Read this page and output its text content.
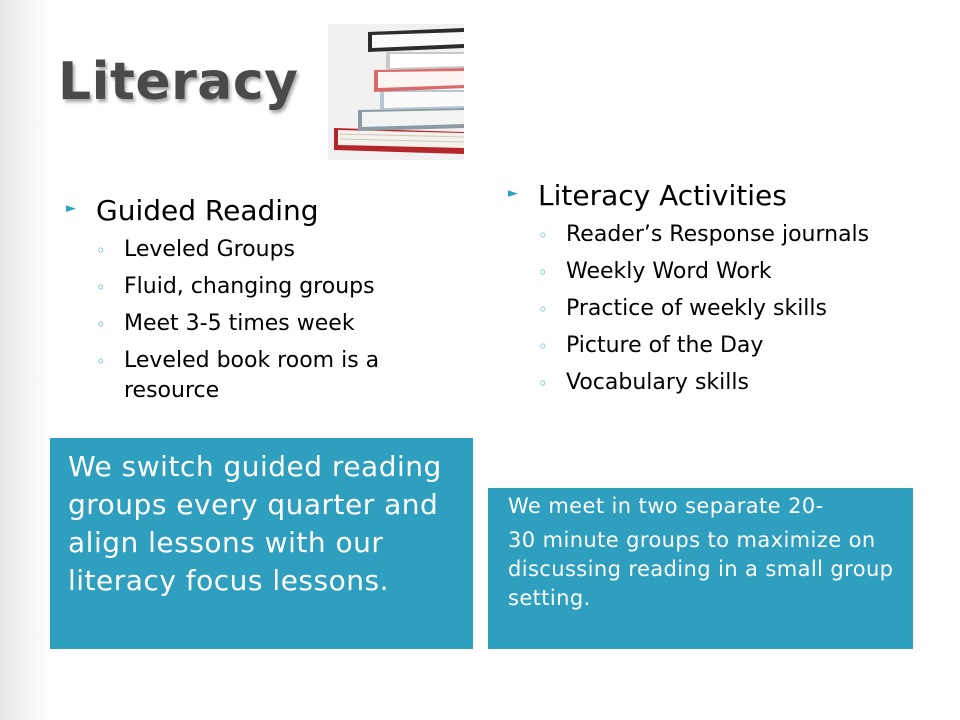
Literacy
► Guided Reading
◦ Leveled Groups
◦ Fluid, changing groups
◦ Meet 3-5 times week
◦ Leveled book room is a resource
► Literacy Activities
◦ Reader’s Response journals
◦ Weekly Word Work
◦ Practice of weekly skills
◦ Picture of the Day
◦ Vocabulary skills
We switch guided reading groups every quarter and align lessons with our literacy focus lessons.

We meet in two separate 20-

30 minute groups to maximize on discussing reading in a small group setting.
